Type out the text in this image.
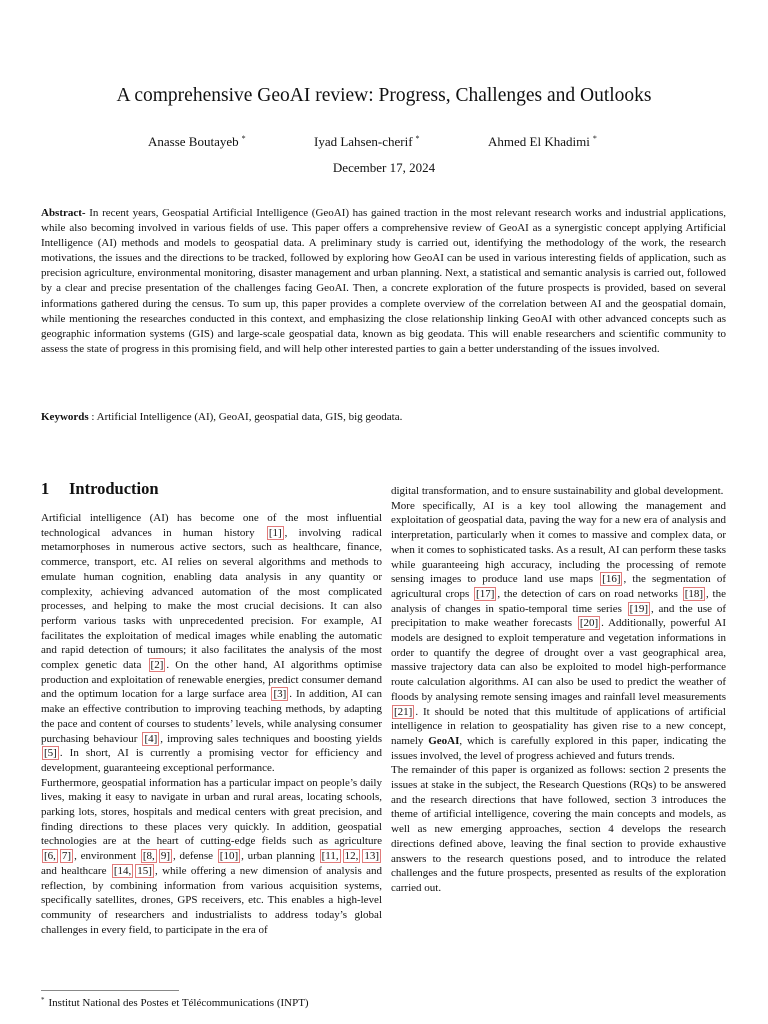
A comprehensive GeoAI review: Progress, Challenges and Outlooks
Anasse Boutayeb *	Iyad Lahsen-cherif *	Ahmed El Khadimi *
December 17, 2024
Abstract- In recent years, Geospatial Artificial Intelligence (GeoAI) has gained traction in the most relevant research works and industrial applications, while also becoming involved in various fields of use. This paper offers a comprehensive review of GeoAI as a synergistic concept applying Artificial Intelligence (AI) methods and models to geospatial data. A preliminary study is carried out, identifying the methodology of the work, the research motivations, the issues and the directions to be tracked, followed by exploring how GeoAI can be used in various interesting fields of application, such as precision agriculture, environmental monitoring, disaster management and urban planning. Next, a statistical and semantic analysis is carried out, followed by a clear and precise presentation of the challenges facing GeoAI. Then, a concrete exploration of the future prospects is provided, based on several informations gathered during the census. To sum up, this paper provides a complete overview of the correlation between AI and the geospatial domain, while mentioning the researches conducted in this context, and emphasizing the close relationship linking GeoAI with other advanced concepts such as geographic information systems (GIS) and large-scale geospatial data, known as big geodata. This will enable researchers and scientific community to assess the state of progress in this promising field, and will help other interested parties to gain a better understanding of the issues involved.
Keywords : Artificial Intelligence (AI), GeoAI, geospatial data, GIS, big geodata.
1 Introduction

Artificial intelligence (AI) has become one of the most influential technological advances in human history [1] , involving radical metamorphoses in numerous active sectors, such as healthcare, finance, commerce, transport, etc. AI relies on several algorithms and methods to emulate human cognition, enabling data analysis in any quantity or complexity, achieving advanced automation of the most complicated processes, and helping to make the most crucial decisions. It can also perform various tasks with unprecedented precision. For example, AI facilitates the exploitation of medical images while enabling the automatic and rapid detection of tumours; it also facilitates the analysis of the most complex genetic data [2] . On the other hand, AI algorithms optimise production and exploitation of renewable energies, predict consumer demand and the optimum location for a large surface area [3] . In addition, AI can make an effective contribution to improving teaching methods, by adapting the pace and content of courses to students’ levels, while analysing consumer purchasing behaviour [4] , improving sales techniques and boosting yields [5] . In short, AI is currently a promising vector for efficiency and development, guaranteeing exceptional performance.

Furthermore, geospatial information has a particular impact on people’s daily lives, making it easy to navigate in urban and rural areas, locating schools, parking lots, stores, hospitals and medical centers with great precision, and finding directions to these places very quickly. In addition, geospatial technologies are at the heart of cutting-edge fields such as agriculture [6, 7] , environment [8, 9] , defense [10] , urban planning [11, 12, 13] and healthcare [14, 15] , while offering a new dimension of analysis and reflection, by combining information from various acquisition systems, specifically satellites, drones, GPS receivers, etc. This enables a high-level community of researchers and industrialists to address today’s global challenges in every field, to participate in the era of

digital transformation, and to ensure sustainability and global development.

More specifically, AI is a key tool allowing the management and exploitation of geospatial data, paving the way for a new era of analysis and interpretation, particularly when it comes to massive and complex data, or when it comes to sophisticated tasks. As a result, AI can perform these tasks while guaranteeing high accuracy, including the processing of remote sensing images to produce land use maps [16] , the segmentation of agricultural crops [17] , the detection of cars on road networks [18] , the analysis of changes in spatio-temporal time series [19] , and the use of precipitation to make weather forecasts [20] . Additionally, powerful AI models are designed to exploit temperature and vegetation informations in order to quantify the degree of drought over a vast geographical area, massive trajectory data can also be exploited to model high-performance route calculation algorithms. AI can also be used to predict the weather of floods by analysing remote sensing images and rainfall level measurements [21] . It should be noted that this multitude of applications of artificial intelligence in relation to geospatiality has given rise to a new concept, namely GeoAI, which is carefully explored in this paper, indicating the issues involved, the level of progress achieved and futurs trends.

The remainder of this paper is organized as follows: section 2 presents the issues at stake in the subject, the Research Questions (RQs) to be answered and the research directions that have followed, section 3 introduces the theme of artificial intelligence, covering the main concepts and models, as well as new emerging approaches, section 4 develops the research directions defined above, leaving the final section to provide exhaustive answers to the research questions posed, and to introduce the related challenges and the future prospects, presented as results of the exploration carried out.

* Institut National des Postes et Télécommunications (INPT)
